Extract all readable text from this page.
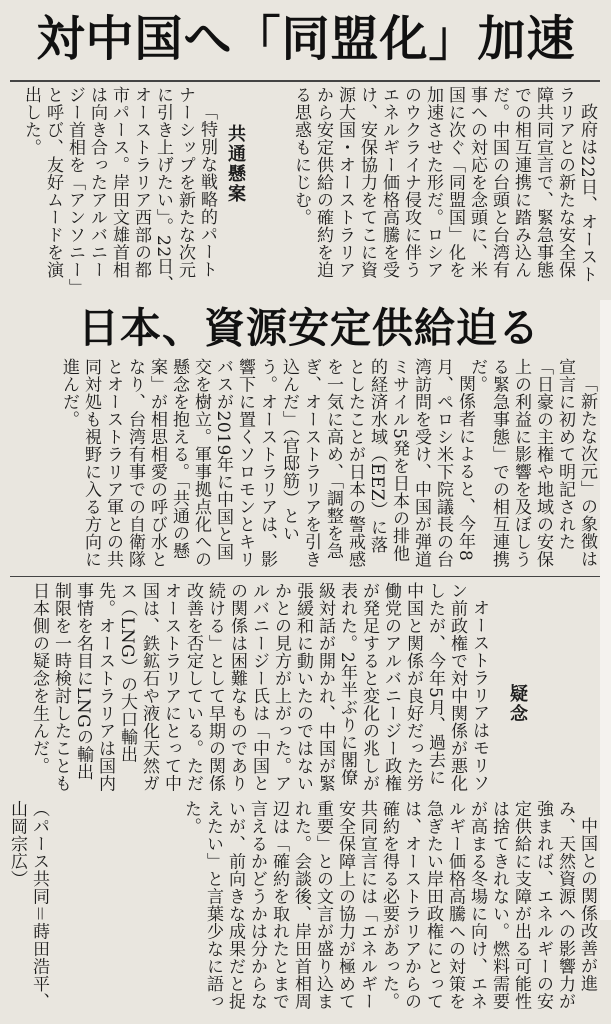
対中国へ「同盟化」加速

政府は22日、オーストラリアとの新たな安全保障共同宣言で、緊急事態での相互連携に踏み込んだ。中国の台頭と台湾有事への対応を念頭に、米国に次ぐ「同盟国」化を加速させた形だ。ロシアのウクライナ侵攻に伴うエネルギー価格高騰を受け、安保協力をてこに資源大国・オーストラリアから安定供給の確約を迫る思惑もにじむ。

共通懸案

「特別な戦略的パートナーシップを新たな次元に引き上げたい」。22日、オーストラリア西部の都市パース。岸田文雄首相は向き合ったアルバニージー首相を「アンソニー」と呼び、友好ムードを演出した。

日本、資源安定供給迫る

「新たな次元」の象徴は宣言に初めて明記された「日豪の主権や地域の安保上の利益に影響を及ぼしうる緊急事態」での相互連携だ。

関係者によると、今年8月、ペロシ米下院議長の台湾訪問を受け、中国が弾道ミサイル5発を日本の排他的経済水域（EEZ）に落としたことが日本の警戒感を一気に高め、「調整を急ぎ、オーストラリアを引き込んだ」（官邸筋）という。オーストラリアは、影響下に置くソロモンとキリバスが2019年に中国と国交を樹立。軍事拠点化への懸念を抱える。「共通の懸案」が相思相愛の呼び水となり、台湾有事での自衛隊とオーストラリア軍との共同対処も視野に入る方向に進んだ。

疑念

オーストラリアはモリソン前政権で対中関係が悪化したが、今年5月、過去に中国と関係が良好だった労働党のアルバニージー政権が発足すると変化の兆しが表れた。2年半ぶりに閣僚級対話が開かれ、中国が緊張緩和に動いたのではないかとの見方が上がった。アルバニージー氏は「中国との関係は困難なものであり続ける」として早期の関係改善を否定している。ただオーストラリアにとって中国は、鉄鉱石や液化天然ガス（LNG）の大口輸出先。オーストラリアは国内事情を名目にLNGの輸出制限を一時検討したことも日本側の疑念を生んだ。

中国との関係改善が進み、天然資源への影響力が強まれば、エネルギーの安定供給に支障が出る可能性は捨てきれない。燃料需要が高まる冬場に向け、エネルギー価格高騰への対策を急ぎたい岸田政権にとっては、オーストラリアからの確約を得る必要があった。共同宣言には「エネルギー安全保障上の協力が極めて重要」との文言が盛り込まれた。会談後、岸田首相周辺は「確約を取れたとまで言えるかどうかは分からないが、前向きな成果だと捉えたい」と言葉少なに語った。

（パース共同＝蒔田浩平、山岡宗広）
